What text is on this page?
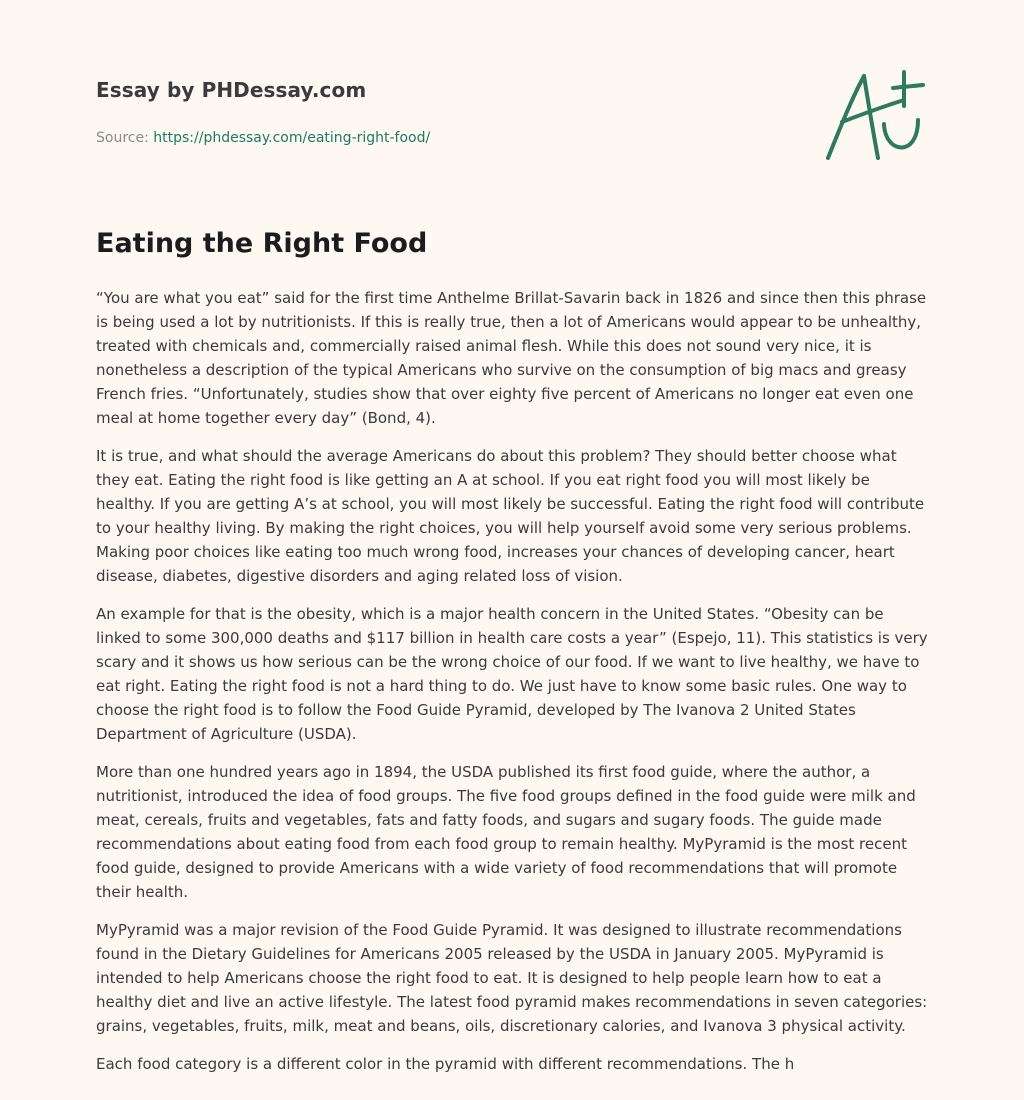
Essay by PHDessay.com
Source: https://phdessay.com/eating-right-food/
Eating the Right Food

“You are what you eat” said for the first time Anthelme Brillat-Savarin back in 1826 and since then this phrase is being used a lot by nutritionists. If this is really true, then a lot of Americans would appear to be unhealthy, treated with chemicals and, commercially raised animal flesh. While this does not sound very nice, it is nonetheless a description of the typical Americans who survive on the consumption of big macs and greasy French fries. “Unfortunately, studies show that over eighty five percent of Americans no longer eat even one meal at home together every day” (Bond, 4).

It is true, and what should the average Americans do about this problem? They should better choose what they eat. Eating the right food is like getting an A at school. If you eat right food you will most likely be healthy. If you are getting A’s at school, you will most likely be successful. Eating the right food will contribute to your healthy living. By making the right choices, you will help yourself avoid some very serious problems. Making poor choices like eating too much wrong food, increases your chances of developing cancer, heart disease, diabetes, digestive disorders and aging related loss of vision.

An example for that is the obesity, which is a major health concern in the United States. “Obesity can be linked to some 300,000 deaths and $117 billion in health care costs a year” (Espejo, 11). This statistics is very scary and it shows us how serious can be the wrong choice of our food. If we want to live healthy, we have to eat right. Eating the right food is not a hard thing to do. We just have to know some basic rules. One way to choose the right food is to follow the Food Guide Pyramid, developed by The Ivanova 2 United States Department of Agriculture (USDA).

More than one hundred years ago in 1894, the USDA published its first food guide, where the author, a nutritionist, introduced the idea of food groups. The five food groups defined in the food guide were milk and meat, cereals, fruits and vegetables, fats and fatty foods, and sugars and sugary foods. The guide made recommendations about eating food from each food group to remain healthy. MyPyramid is the most recent food guide, designed to provide Americans with a wide variety of food recommendations that will promote their health.

MyPyramid was a major revision of the Food Guide Pyramid. It was designed to illustrate recommendations found in the Dietary Guidelines for Americans 2005 released by the USDA in January 2005. MyPyramid is intended to help Americans choose the right food to eat. It is designed to help people learn how to eat a healthy diet and live an active lifestyle. The latest food pyramid makes recommendations in seven categories: grains, vegetables, fruits, milk, meat and beans, oils, discretionary calories, and Ivanova 3 physical activity.

Each food category is a different color in the pyramid with different recommendations. The h
